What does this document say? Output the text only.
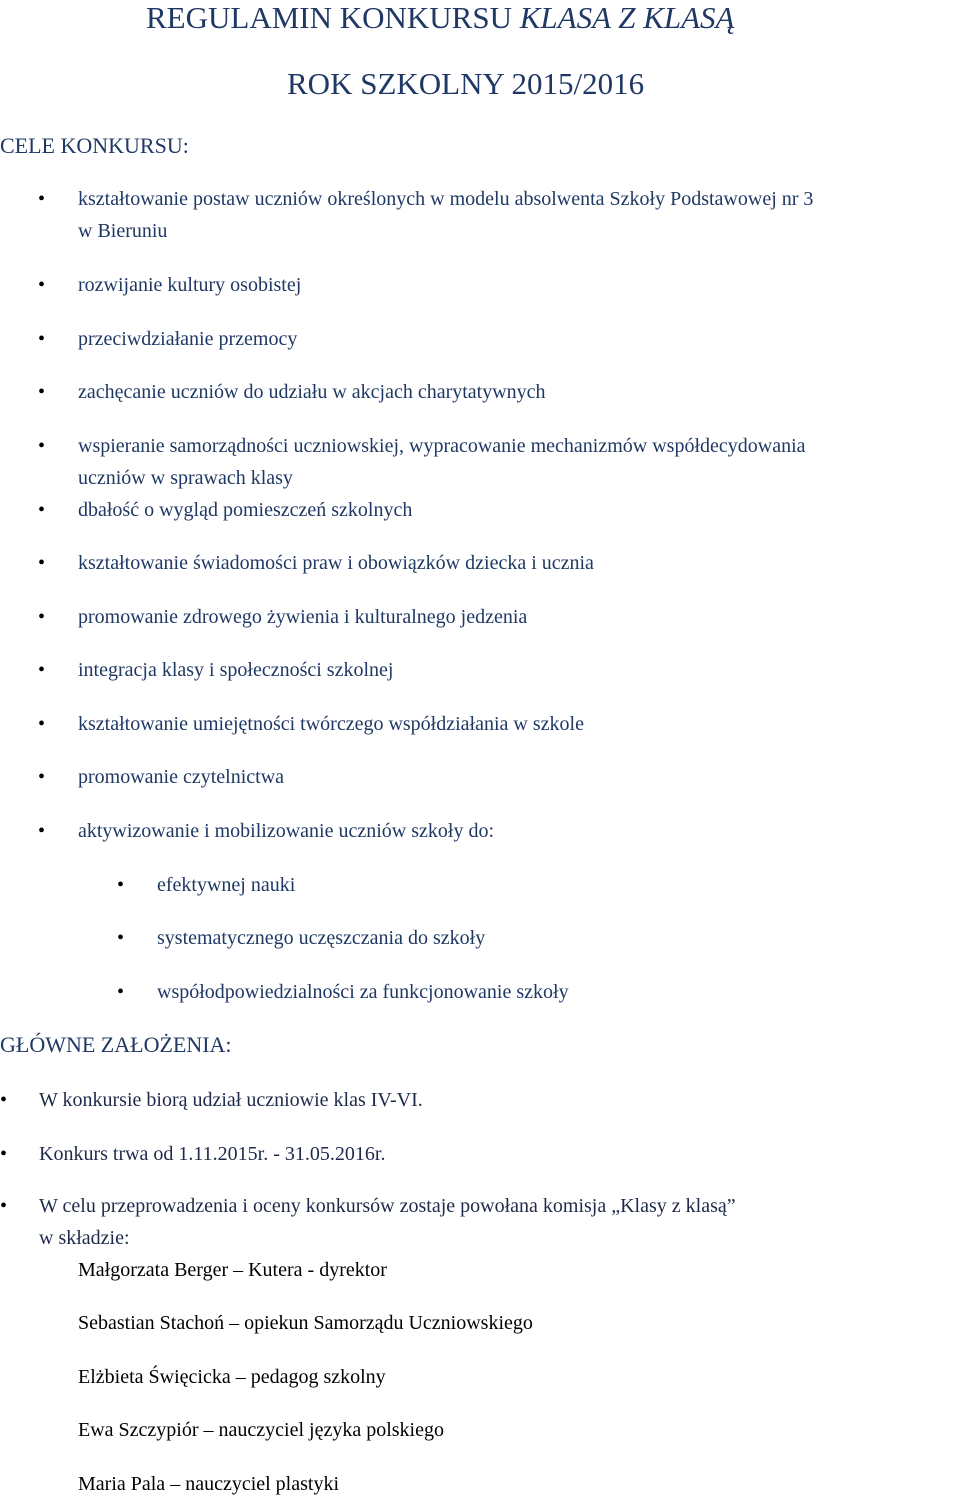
REGULAMIN KONKURSU KLASA Z KLASĄ
ROK SZKOLNY 2015/2016
CELE KONKURSU:
• kształtowanie postaw uczniów określonych w modelu absolwenta Szkoły Podstawowej nr 3
w Bieruniu
• rozwijanie kultury osobistej
• przeciwdziałanie przemocy
• zachęcanie uczniów do udziału w akcjach charytatywnych
• wspieranie samorządności uczniowskiej, wypracowanie mechanizmów współdecydowania
uczniów w sprawach klasy
• dbałość o wygląd pomieszczeń szkolnych
• kształtowanie świadomości praw i obowiązków dziecka i ucznia
• promowanie zdrowego żywienia i kulturalnego jedzenia
• integracja klasy i społeczności szkolnej
• kształtowanie umiejętności twórczego współdziałania w szkole
• promowanie czytelnictwa
• aktywizowanie i mobilizowanie uczniów szkoły do:
• efektywnej nauki
• systematycznego uczęszczania do szkoły
• współodpowiedzialności za funkcjonowanie szkoły
GŁÓWNE ZAŁOŻENIA:
• W konkursie biorą udział uczniowie klas IV-VI.
• Konkurs trwa od 1.11.2015r. - 31.05.2016r.
• W celu przeprowadzenia i oceny konkursów zostaje powołana komisja „Klasy z klasą”
w składzie:
Małgorzata Berger – Kutera - dyrektor
Sebastian Stachoń – opiekun Samorządu Uczniowskiego
Elżbieta Święcicka – pedagog szkolny
Ewa Szczypiór – nauczyciel języka polskiego
Maria Pala – nauczyciel plastyki
